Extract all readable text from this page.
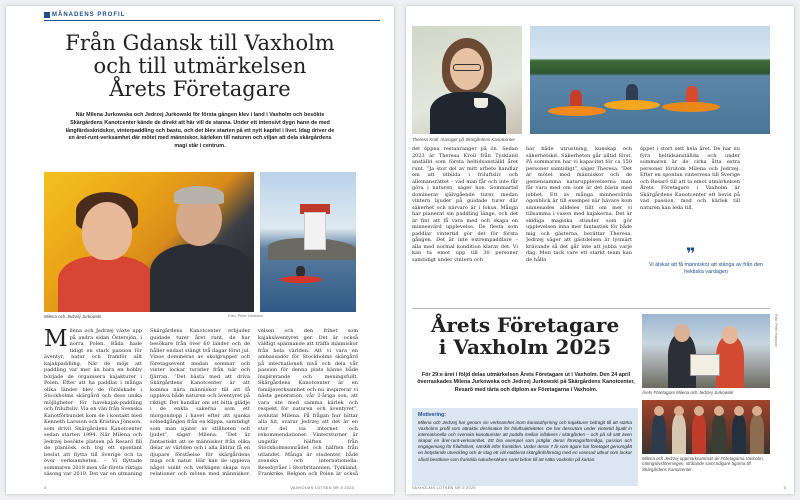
MÅNADENS PROFIL
Från Gdansk till Vaxholm
och till utmärkelsen
Årets Företagare

När Milena Jurkowska och Jedrzej Jurkowski för första gången klev i land i Vaxholm och besökte Skärgårdens Kanotcenter kände de direkt att här vill de stanna. Under ett intensivt dygn hann de med långfärdsskridskor, vinterpaddling och bastu, och det blev starten på ett nytt kapitel i livet. Idag driver de en året-runt-verksamhet där mötet med människor, kärleken till naturen och viljan att dela skärgårdens magi står i centrum.

Milena och Jedrzej Jurkowski	Foto: Peter Hansson
Milena och Jedrzej växte upp på andra sidan Östersjön, i norra Polen. Båda hade tidigt en stark passion för äventyr, natur och framför allt kajakpaddling. När de möjs att paddling var mer än bara en hobby började de organisera kajakturer i Polen. Efter att ha paddlat i många olika länder blev de förälskade i Stockholms skärgård och dess unika möjligheter för havskajak-paddling och friluftsliv. Via en vän från Svenska Kanotförbundet kom de i kontakt med Kenneth Larsson och Kristina Jönsson, som drivit Skärgårdens Kanotcenter sedan starten 1994. När Milena och Jedrzej besökte platsen på Resarö fill de planlösk och tog ett spontant beslut att flytta till Sverige och ta över verksamheten. – Vi flyttade sommaren 2018 men vår första riktiga säsong var 2019. Det var en utmaning

Skärgårdens Kanotcenter erbjuder guidade turer året runt, de har besökare från över 60 länder och de håller endast stängt två dagar först jul. Vinos domineras av skolgrupper och företagsevent medan sommar och vinter lockar turister från när och fjärran. ”Det bästa med att driva Skärgårdens Kanotcenter är att komma nära människor till att få uppleva både naturen och äventyret på riktigt. Det handlar om att bitta glädje i de enkla sakerna som ett morgondopp i havet efter att sjunka solnedgången från en klippa, samtidigt som man njuter av stillheten och ljudet”, säger Milena. ”Det är fantastiskt att se människor från olika delar av världen och i alla åldrar få en djupare förståelse för skärgårdens magi och natur. Här kan de uppleva något unikt och verkligen skapa nya relationer och möten med människor.

velsen och den frihet som kajaksäventyret ger. Det är också väldigt spännande att träffa människor från hela världen. Att vi vara en ambassadör för Stockholms skärgård på internationell nivå och dela vår passion för denna plats känns både inspirerande och meningsfullt. Skärgårdens Kanotcenter är en familjeverksamhet och nu inspirerar vi nästa generation, vår 2-åriga son, att vara ute med samma kärlek och respekt för naturen och äventyret”, avslutar Milena. På frågan hur hittar alla hit, svarar Jedrzej att det är en stor del via internet och rekommendationer. Vintersturner är ungefär hälften från Stockholmsområdet och hälften från utlandet. Många är studenter, både svenska och internationella. Resebyråer i Storbritannien, Tyskland, Frankrike, Belgien och Polen är också

4	VAXHOLMS LOTSEN NR 5 2025
Theresa Kroll, manager på Skärgårdens Kanotcenter

det öppna restauranger på ön. Sedan 2023 är Theresa Kroll från Tyskland anställd som första heltidsanställd året runt. ”Ja stor del av mitt arbete handlar om att utbilda i friluftsliv och allemansrättet – vad man får och inte får göra i naturen, säger hon. Sommartid dominerar självgående turer, medan vintern bjuder på guidade turer där säkerhet och närvaro är i fokus. Många har planerat sin paddling länge, och det är fint att få vara med och skapa en minnesvärd upplevelse. De flesta som paddlar vintertid gör det för första gången. Det är inte extrempaddlare – alla med normal kondition klarar det. Vi kan ta emot upp till 30 personer samtidigt under vintern och

har både utrustning, kunskap och säkerhetskit. Säkerheten går alltid först. På sommaren har vi kapacitet för ca 150 personer samtidigt”, säger Theresa. ”Det är mötet med människor och de gemensamma naturupplevelserna man får vara med om som är det bästa med jobbet. Ett av många minnesvärda ögonblick är till exempel när hävare kom sinnenades alldeles tillt om mer vi tillsamma i vasen med kajakerna. Det är skidiga magiska stunder som gör upplevelsen inna mer fantastisk för både mig och gästerna, berättar Theresa. Jedrzej säger att gästdelsen är lysmärt krävande så det går inte att jobba varje dag. Men tack vare ett starkt team kan de hålla

öppet i stort sett hela året. De har nu fyra heltidsanställda och under sommaren är de cirka åtta extra personer förutom Milena och Jedrzej. Efter en spontan vinterresa till Sverige och Resarö till att ta emot utmärkelsen Årets Företagare i Vaxholm är Skärgårdens Kanotcenter ett bevis på vad passion, mod och kärlek till naturen kan leda till.

❞

Vi älskar att få människor att stänga av från den hektiska vardagen

Årets Företagare
i Vaxholm 2025

För 29:e året i följd delas utmärkelsen Årets Företagare ut i Vaxholm. Den 24 april överraskades Milena Jurkowska och Jedrzej Jurkowski på Skärgårdens Kanotcenter, Resarö med tårta och diplom av Företagarna i Vaxholm.

Foto: Peter Hansson
Årets Företagare Milena och Jedrzej Jurkowski
Motivering:

Milena och Jedrzej har genom sin verksamhet inom kanotuthyrning och kajakturer bidragit till att stärka Vaxholms profil som attraktiv destination för friluftsaktiviteter. De har dessutom under vintertid bjudit in internationella och svenska kanotturister att paddla mellan isflakens i skärgården – och på så sätt även skapat en året-runt-verksamhet. Ett bra exempel som präglar deras företagarförmåga, passion och engagemang för friluftslivet, särskilt inför framtiden. Under deras 7 år som ägare har företaget genomgått en betydande utveckling och är idag ett väl etablerat skärgårdsföretag med en varierad utbud som lockar såväl besökare som framtida naturbesökare samt bidrar till att sätta Vaxholm på kartan.	Milena och Jedrzej uppmärksammas av Företagarna Vaxholm, näringslivsföreningen, strålande samt tidigare ägarna till Skärgårdens Kanotcenter.
VAXHOLMS LOTSEN NR 5 2025	5
